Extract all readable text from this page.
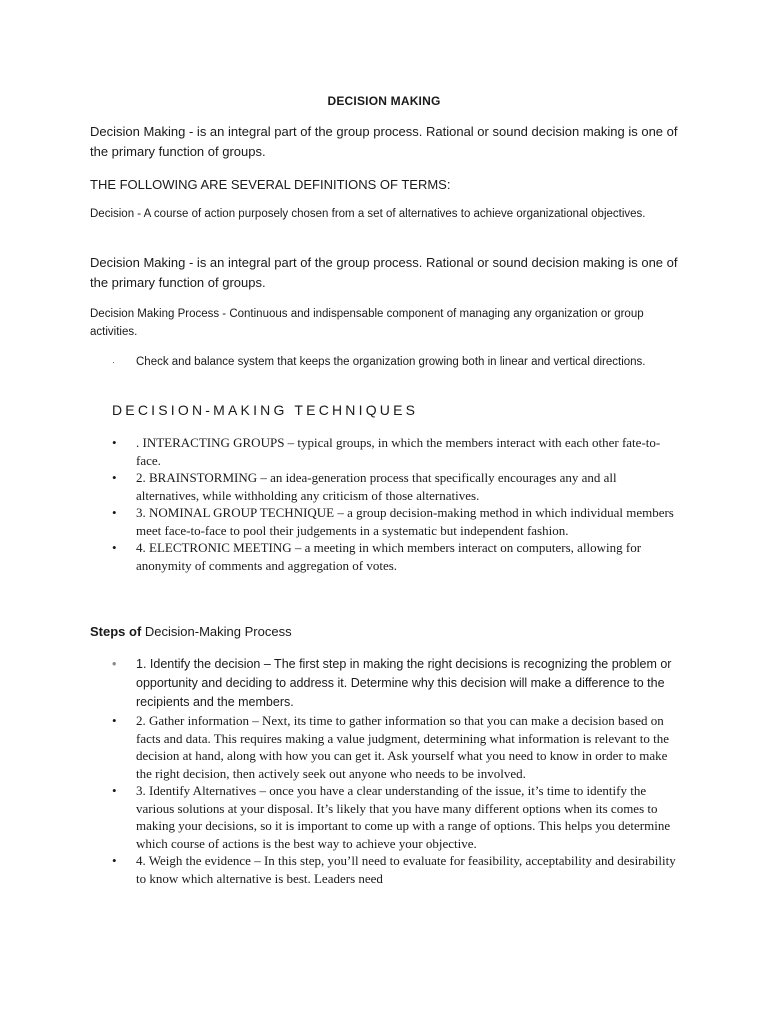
DECISION MAKING
Decision Making - is an integral part of the group process. Rational or sound decision making is one of the primary function of groups.
THE FOLLOWING ARE SEVERAL DEFINITIONS OF TERMS:
Decision - A course of action purposely chosen from a set of alternatives to achieve organizational objectives.
Decision Making - is an integral part of the group process. Rational or sound decision making is one of the primary function of groups.
Decision Making Process - Continuous and indispensable component of managing any organization or group activities.
· Check and balance system that keeps the organization growing both in linear and vertical directions.
DECISION-MAKING TECHNIQUES
• . INTERACTING GROUPS – typical groups, in which the members interact with each other fate-to-face.
• 2. BRAINSTORMING – an idea-generation process that specifically encourages any and all alternatives, while withholding any criticism of those alternatives.
• 3. NOMINAL GROUP TECHNIQUE – a group decision-making method in which individual members meet face-to-face to pool their judgements in a systematic but independent fashion.
• 4. ELECTRONIC MEETING – a meeting in which members interact on computers, allowing for anonymity of comments and aggregation of votes.
Steps of Decision-Making Process
• 1. Identify the decision – The first step in making the right decisions is recognizing the problem or opportunity and deciding to address it. Determine why this decision will make a difference to the recipients and the members.
• 2. Gather information – Next, its time to gather information so that you can make a decision based on facts and data. This requires making a value judgment, determining what information is relevant to the decision at hand, along with how you can get it. Ask yourself what you need to know in order to make the right decision, then actively seek out anyone who needs to be involved.
• 3. Identify Alternatives – once you have a clear understanding of the issue, it’s time to identify the various solutions at your disposal. It’s likely that you have many different options when its comes to making your decisions, so it is important to come up with a range of options. This helps you determine which course of actions is the best way to achieve your objective.
• 4. Weigh the evidence – In this step, you’ll need to evaluate for feasibility, acceptability and desirability to know which alternative is best. Leaders need
